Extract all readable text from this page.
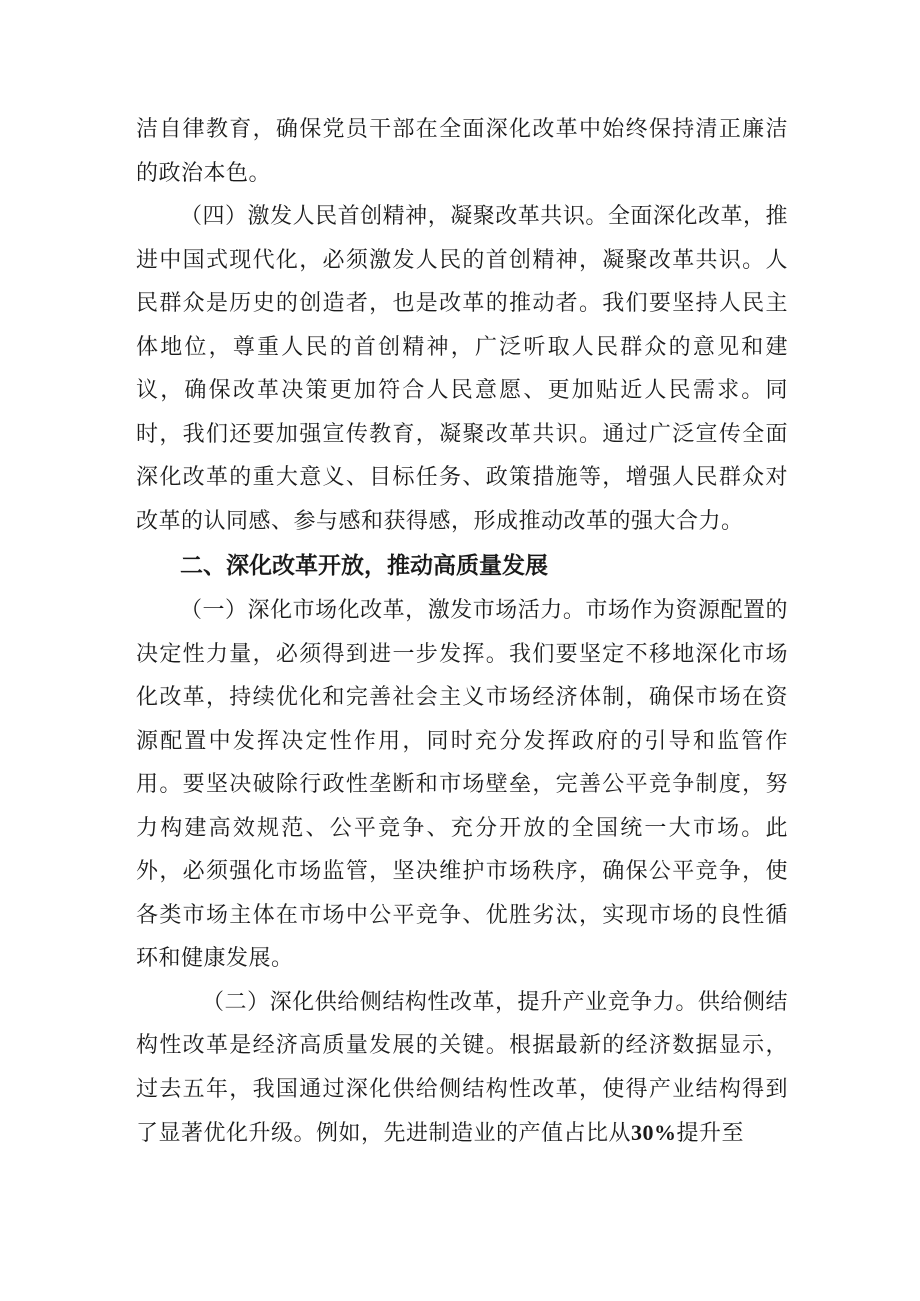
洁自律教育，确保党员干部在全面深化改革中始终保持清正廉洁的政治本色。

（四）激发人民首创精神，凝聚改革共识。全面深化改革，推进中国式现代化，必须激发人民的首创精神，凝聚改革共识。人民群众是历史的创造者，也是改革的推动者。我们要坚持人民主体地位，尊重人民的首创精神，广泛听取人民群众的意见和建议，确保改革决策更加符合人民意愿、更加贴近人民需求。同时，我们还要加强宣传教育，凝聚改革共识。通过广泛宣传全面深化改革的重大意义、目标任务、政策措施等，增强人民群众对改革的认同感、参与感和获得感，形成推动改革的强大合力。

二、深化改革开放，推动高质量发展

（一）深化市场化改革，激发市场活力。市场作为资源配置的决定性力量，必须得到进一步发挥。我们要坚定不移地深化市场化改革，持续优化和完善社会主义市场经济体制，确保市场在资源配置中发挥决定性作用，同时充分发挥政府的引导和监管作用。要坚决破除行政性垄断和市场壁垒，完善公平竞争制度，努力构建高效规范、公平竞争、充分开放的全国统一大市场。此外，必须强化市场监管，坚决维护市场秩序，确保公平竞争，使各类市场主体在市场中公平竞争、优胜劣汰，实现市场的良性循环和健康发展。

（二）深化供给侧结构性改革，提升产业竞争力。供给侧结构性改革是经济高质量发展的关键。根据最新的经济数据显示，过去五年，我国通过深化供给侧结构性改革，使得产业结构得到了显著优化升级。例如，先进制造业的产值占比从30%提升至
